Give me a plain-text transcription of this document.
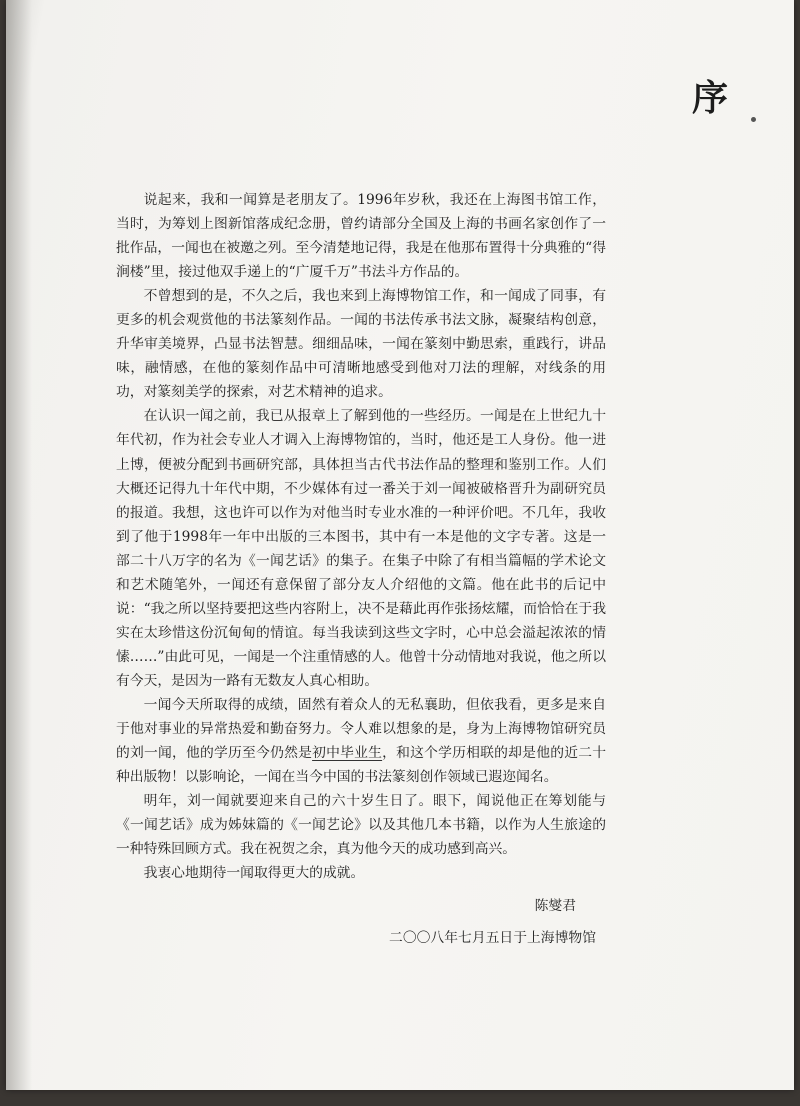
序

说起来，我和一闻算是老朋友了。1996年岁秋，我还在上海图书馆工作，当时，为筹划上图新馆落成纪念册，曾约请部分全国及上海的书画名家创作了一批作品，一闻也在被邀之列。至今清楚地记得，我是在他那布置得十分典雅的“得涧楼”里，接过他双手递上的“广厦千万”书法斗方作品的。

不曾想到的是，不久之后，我也来到上海博物馆工作，和一闻成了同事，有更多的机会观赏他的书法篆刻作品。一闻的书法传承书法文脉，凝聚结构创意，升华审美境界，凸显书法智慧。细细品味，一闻在篆刻中勤思索，重践行，讲品味，融情感，在他的篆刻作品中可清晰地感受到他对刀法的理解，对线条的用功，对篆刻美学的探索，对艺术精神的追求。

在认识一闻之前，我已从报章上了解到他的一些经历。一闻是在上世纪九十年代初，作为社会专业人才调入上海博物馆的，当时，他还是工人身份。他一进上博，便被分配到书画研究部，具体担当古代书法作品的整理和鉴别工作。人们大概还记得九十年代中期，不少媒体有过一番关于刘一闻被破格晋升为副研究员的报道。我想，这也许可以作为对他当时专业水准的一种评价吧。不几年，我收到了他于1998年一年中出版的三本图书，其中有一本是他的文字专著。这是一部二十八万字的名为《一闻艺话》的集子。在集子中除了有相当篇幅的学术论文和艺术随笔外，一闻还有意保留了部分友人介绍他的文篇。他在此书的后记中说：“我之所以坚持要把这些内容附上，决不是藉此再作张扬炫耀，而恰恰在于我实在太珍惜这份沉甸甸的情谊。每当我读到这些文字时，心中总会溢起浓浓的情愫……”由此可见，一闻是一个注重情感的人。他曾十分动情地对我说，他之所以有今天，是因为一路有无数友人真心相助。

一闻今天所取得的成绩，固然有着众人的无私襄助，但依我看，更多是来自于他对事业的异常热爱和勤奋努力。令人难以想象的是，身为上海博物馆研究员的刘一闻，他的学历至今仍然是初中毕业生，和这个学历相联的却是他的近二十种出版物！以影响论，一闻在当今中国的书法篆刻创作领域已遐迩闻名。

明年，刘一闻就要迎来自己的六十岁生日了。眼下，闻说他正在筹划能与《一闻艺话》成为姊妹篇的《一闻艺论》以及其他几本书籍，以作为人生旅途的一种特殊回顾方式。我在祝贺之余，真为他今天的成功感到高兴。

我衷心地期待一闻取得更大的成就。

陈燮君
二〇〇八年七月五日于上海博物馆
